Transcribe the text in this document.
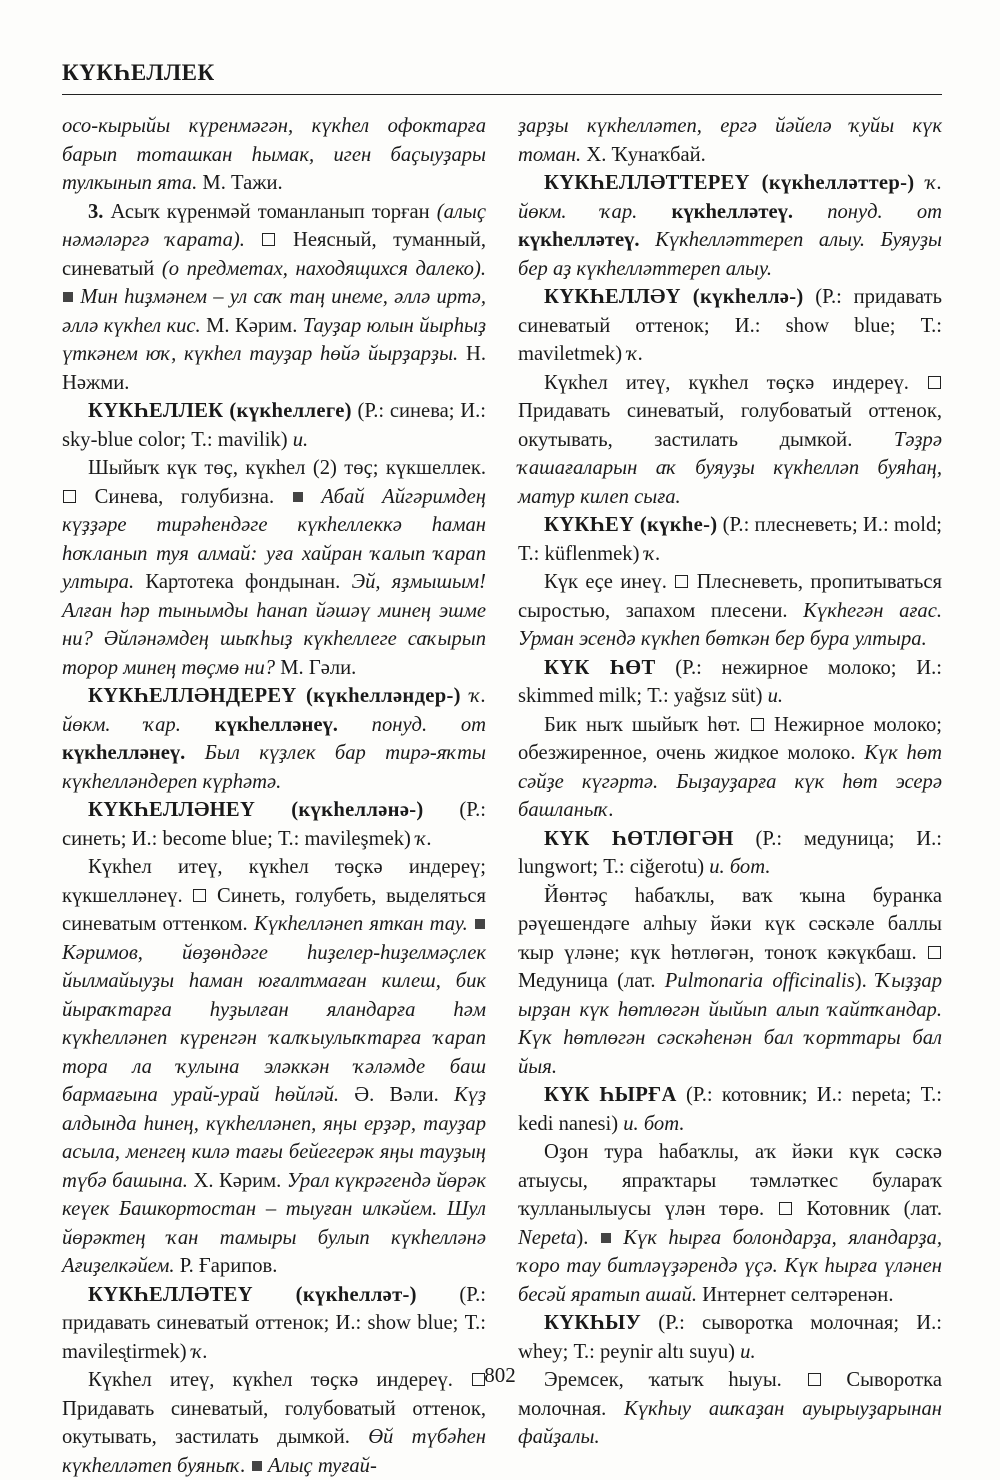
КҮКҺЕЛЛЕК

осо-кырыйы күренмәгән, күкһел офоктарға барып тоташкан һымак, иген баҫыуҙары тулкынып ята. М. Тажи.

3. Асыҡ күренмәй томанланып торған (алыҫ нәмәләргә ҡарата).  Неясный, туманный, синеватый (о предметах, находящихся далеко).  Мин һиҙмәнем – ул саҡ таң инеме, әллә иртә, әллә күкһел кис. М. Кәрим. Тауҙар юлын йырһыҙ үткәнем юҡ, күкһел тауҙар һөйә йырҙарҙы. Н. Нәжми.

КҮКҺЕЛЛЕК (күкһеллеге) (Р.: синева; И.: sky-blue color; Т.: mavilik) и.

Шыйыҡ күк төҫ, күкһел (2) төҫ; күкшеллек.  Синева, голубизна.  Абай Айгәримдең күҙҙәре тирәһендәге күкһеллеккә һаман һоҡланып туя алмай: уға хайран ҡалып ҡарап ултыра. Картотека фондынан. Эй, яҙмышым! Алған һәр тынымды һанап йәшәү минең эшме ни? Әйләнәмдең шыҡһыҙ күкһеллеге саҡырып торор минең төҫмө ни? М. Гәли.

КҮКҺЕЛЛӘНДЕРЕҮ (күкһелләндер-) ҡ. йөкм. ҡар. күкһелләнеү. понуд. от күкһелләнеү. Был күҙлек бар тирә-яҡты күкһелләндереп күрһәтә.

КҮКҺЕЛЛӘНЕҮ (күкһелләнə-) (Р.: синеть; И.: become blue; Т.: mavileşmek) ҡ.

Күкһел итеү, күкһел төҫкә индереү; күкшелләнеү.  Синеть, голубеть, выделяться синеватым оттенком. Күкһелләнеп яткан тау.  Кәримов, йөҙөндәге һиҙелер-һиҙелмәҫлек йылмайыуҙы һаман юғалтмаған килеш, бик йыраҡтарға һуҙылған яландарға һәм күкһелләнеп күренгән ҡалҡыулыҡтарға ҡарап тора ла ҡулына эләккән ҡәләмде баш бармағына урай-урай һөйләй. Ә. Вәли. Күҙ алдында һинең, күкһелләнеп, яңы ерҙәр, тауҙар асыла, менгең килә тағы бейегерәк яңы тауҙың түбә башына. Х. Кәрим. Урал күкрәгендә йөрәк кеүек Башкортостан – тыуған илкәйем. Шул йөрәктең ҡан тамыры булып күкһелләнә Ағиҙелкәйем. Р. Ғарипов.

КҮКҺЕЛЛӘТЕҮ (күкһеллəт-) (Р.: придавать синеватый оттенок; И.: show blue; Т.: maviles̨tirmek) ҡ.

Күкһел итеү, күкһел төҫкә индереү.  Придавать синеватый, голубоватый оттенок, окутывать, застилать дымкой. Өй түбәһен күкһелләтеп буяныҡ.  Алыҫ туғай-

ҙарҙы күкһелләтеп, ергә йәйелә ҡуйы күк томан. Х. Ҡунаҡбай.

КҮКҺЕЛЛӘТТЕРЕҮ (күкһелләттер-) ҡ. йөкм. ҡар. күкһелләтеү. понуд. от күкһелләтеү. Күкһелләттереп алыу. Буяуҙы бер аҙ күкһелләттереп алыу.

КҮКҺЕЛЛӘҮ (күкһеллә-) (Р.: придавать синеватый оттенок; И.: show blue; Т.: maviletmek) ҡ.

Күкһел итеү, күкһел төҫкә индереү.  Придавать синеватый, голубоватый оттенок, окутывать, застилать дымкой. Тәҙрә ҡашағаларын аҡ буяуҙы күкһелләп буяһаң, матур килеп сыға.

КҮКҺЕҮ (күкһе-) (Р.: плесневеть; И.: mold; Т.: küflenmek) ҡ.

Күк еҫе инеү.  Плесневеть, пропитываться сыростью, запахом плесени. Күкһегән ағас. Урман эсендә күкһеп бөткән бер бура ултыра.

КҮК ҺӨТ (Р.: нежирное молоко; И.: skimmed milk; Т.: yağsız süt) и.

Бик ныҡ шыйыҡ һөт.  Нежирное молоко; обезжиренное, очень жидкое молоко. Күк һөт сәйҙе күгәртә. Быҙауҙарға күк һөт эсерә башланыҡ.

КҮК ҺӨТЛӨГӘН (Р.: медуница; И.: lungwort; Т.: ciğerotu) и. бот.

Йөнтәҫ һабаҡлы, ваҡ ҡына буранка рәүешендәге алһыу йәки күк сәскәле баллы ҡыр үләне; күк һөтлөгән, тоноҡ кәкүкбаш.  Медуница (лат. Pulmonaria officinalis). Ҡыҙҙар ырҙан күк һөтлөгән йыйып алып ҡайтҡандар. Күк һөтлөгән сәскәһенән бал ҡорттары бал йыя.

КҮК ҺЫРҒА (Р.: котовник; И.: nepeta; Т.: kedi nanesi) и. бот.

Оҙон тура һабаҡлы, аҡ йәки күк сәскә атыусы, япраҡтары тәмләткес булараҡ ҡулланылыусы үлән төрө.  Котовник (лат. Nepeta).  Күк һырға болондарҙа, яландарҙа, ҡоро тау битләүҙәрендә үҫә. Күк һырға үләнен бесәй яратып ашай. Интернет селтәренән.

КҮКҺЫУ (Р.: сыворотка молочная; И.: whey; Т.: peynir altı suyu) и.

Эремсек, ҡатыҡ һыуы.  Сыворотка молочная. Күкһыу ашҡаҙан ауырыуҙарынан файҙалы.

802
